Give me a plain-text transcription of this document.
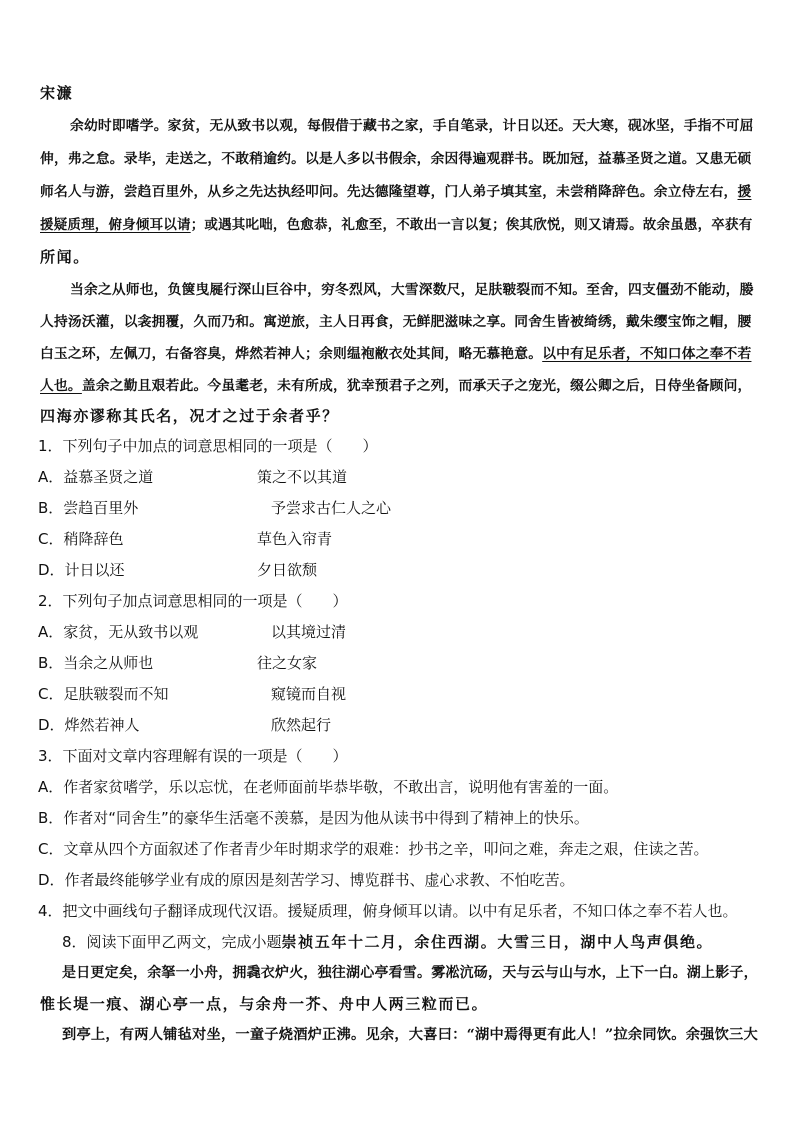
宋濂
余幼时即嗜学。家贫，无从致书以观，每假借于藏书之家，手自笔录，计日以还。天大寒，砚冰坚，手指不可屈
伸，弗之怠。录毕，走送之，不敢稍逾约。以是人多以书假余，余因得遍观群书。既加冠，益慕圣贤之道。又患无硕
师名人与游，尝趋百里外，从乡之先达执经叩问。先达德隆望尊，门人弟子填其室，未尝稍降辞色。余立侍左右，援
援疑质理，俯身倾耳以请；或遇其叱咄，色愈恭，礼愈至，不敢出一言以复；俟其欣悦，则又请焉。故余虽愚，卒获有
所闻。
当余之从师也，负箧曳屣行深山巨谷中，穷冬烈风，大雪深数尺，足肤皲裂而不知。至舍，四支僵劲不能动，媵
人持汤沃灌，以衾拥覆，久而乃和。寓逆旅，主人日再食，无鲜肥滋味之享。同舍生皆被绮绣，戴朱缨宝饰之帽，腰
白玉之环，左佩刀，右备容臭，烨然若神人；余则缊袍敝衣处其间，略无慕艳意。以中有足乐者，不知口体之奉不若
人也。盖余之勤且艰若此。今虽耄老，未有所成，犹幸预君子之列，而承天子之宠光，缀公卿之后，日侍坐备顾问，
四海亦谬称其氏名，况才之过于余者乎？
1．下列句子中加点的词意思相同的一项是（　　）
A．益慕圣贤之道	策之不以其道
B．尝趋百里外	予尝求古仁人之心
C．稍降辞色	草色入帘青
D．计日以还	夕日欲颓
2．下列句子加点词意思相同的一项是（　　）
A．家贫，无从致书以观	以其境过清
B．当余之从师也	往之女家
C．足肤皲裂而不知	窥镜而自视
D．烨然若神人	欣然起行
3．下面对文章内容理解有误的一项是（　　）
A．作者家贫嗜学，乐以忘忧，在老师面前毕恭毕敬，不敢出言，说明他有害羞的一面。
B．作者对“同舍生”的豪华生活毫不羡慕，是因为他从读书中得到了精神上的快乐。
C．文章从四个方面叙述了作者青少年时期求学的艰难：抄书之辛，叩问之难，奔走之艰，住读之苦。
D．作者最终能够学业有成的原因是刻苦学习、博览群书、虚心求教、不怕吃苦。
4．把文中画线句子翻译成现代汉语。援疑质理，俯身倾耳以请。以中有足乐者，不知口体之奉不若人也。
8．阅读下面甲乙两文，完成小题崇祯五年十二月，余住西湖。大雪三日，湖中人鸟声俱绝。
是日更定矣，余拏一小舟，拥毳衣炉火，独往湖心亭看雪。雾凇沆砀，天与云与山与水，上下一白。湖上影子，
惟长堤一痕、湖心亭一点，与余舟一芥、舟中人两三粒而已。
到亭上，有两人铺毡对坐，一童子烧酒炉正沸。见余，大喜曰：“湖中焉得更有此人！”拉余同饮。余强饮三大
